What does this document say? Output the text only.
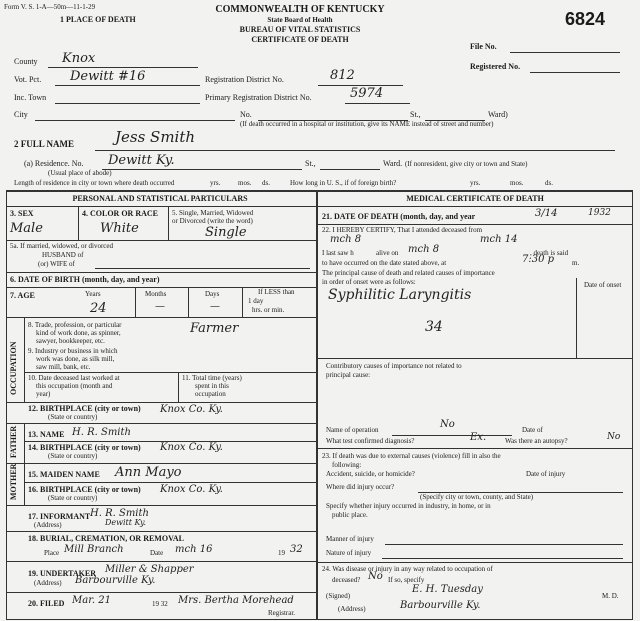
Form V. S. 1-A—50m—11-1-29
1 PLACE OF DEATH
COMMONWEALTH OF KENTUCKY
State Board of Health
BUREAU OF VITAL STATISTICS
CERTIFICATE OF DEATH
6824
File No.
Registered No.
County Knox
Vot. Pct. Dewitt #16	Registration District No.	812
Inc. Town	Primary Registration District No.	5974
City	No.	St.,	Ward)
(If death occurred in a hospital or institution, give its NAME instead of street and number)
2 FULL NAME	Jess Smith
(a) Residence. No. Dewitt Ky.
(Usual place of abode)
St.,	Ward. (If nonresident, give city or town and State)
Length of residence in city or town where death occurred	yrs.	mos. ds.	How long in U. S., if of foreign birth?	yrs.	mos.	ds.
PERSONAL AND STATISTICAL PARTICULARS
3. SEX
Male
4. COLOR OR RACE
White
5. Single, Married, Widowed
or Divorced (write the word)
Single
5a. If married, widowed, or divorced
HUSBAND of
(or) WIFE of
6. DATE OF BIRTH (month, day, and year)
7. AGE	Years	Months	Days	If LESS than
1 day
hrs. or min.
24	—	—
OCCUPATION
8. Trade, profession, or particular
kind of work done, as spinner,
sawyer, bookkeeper, etc.
Farmer
9. Industry or business in which
work was done, as silk mill,
saw mill, bank, etc.
10. Date deceased last worked at
this occupation (month and
year)
11. Total time (years)
spent in this
occupation
12. BIRTHPLACE (city or town)
(State or country)
Knox Co. Ky.
FATHER 13. NAME H. R. Smith
14. BIRTHPLACE (city or town)
(State or country)
Knox Co. Ky.
MOTHER 15. MAIDEN NAME Ann Mayo
16. BIRTHPLACE (city or town)
(State or country)
Knox Co. Ky.
17. INFORMANT H. R. Smith
(Address)	Dewitt Ky.
18. BURIAL, CREMATION, OR REMOVAL
Place Mill Branch	Date mch 16	19 32
19. UNDERTAKER Miller & Shapper
(Address) Barbourville Ky.
20. FILED Mar. 21	19 32 Mrs. Bertha Morehead
Registrar.
MEDICAL CERTIFICATE OF DEATH
21. DATE OF DEATH (month, day, and year	3/14	1932
22. I HEREBY CERTIFY, That I attended deceased from
mch 8	mch 14
I last saw h	alive on mch 8	, death is said
to have occurred on the date stated above, at	7:30 p	m.
The principal cause of death and related causes of importance
in order of onset were as follows:	Date of onset
Syphilitic Laryngitis
34
Contributory causes of importance not related to
principal cause:
Name of operation	No	Date of
What test confirmed diagnosis?	Ex.	Was there an autopsy?	No
23. If death was due to external causes (violence) fill in also the
following:
Accident, suicide, or homicide?	Date of injury
Where did injury occur?
(Specify city or town, county, and State)
Specify whether injury occurred in industry, in home, or in
public place.
Manner of injury
Nature of injury
24. Was disease or injury in any way related to occupation of
deceased? No If so, specify
(Signed)
E. H. Tuesday
M. D.
(Address)	Barbourville Ky.
